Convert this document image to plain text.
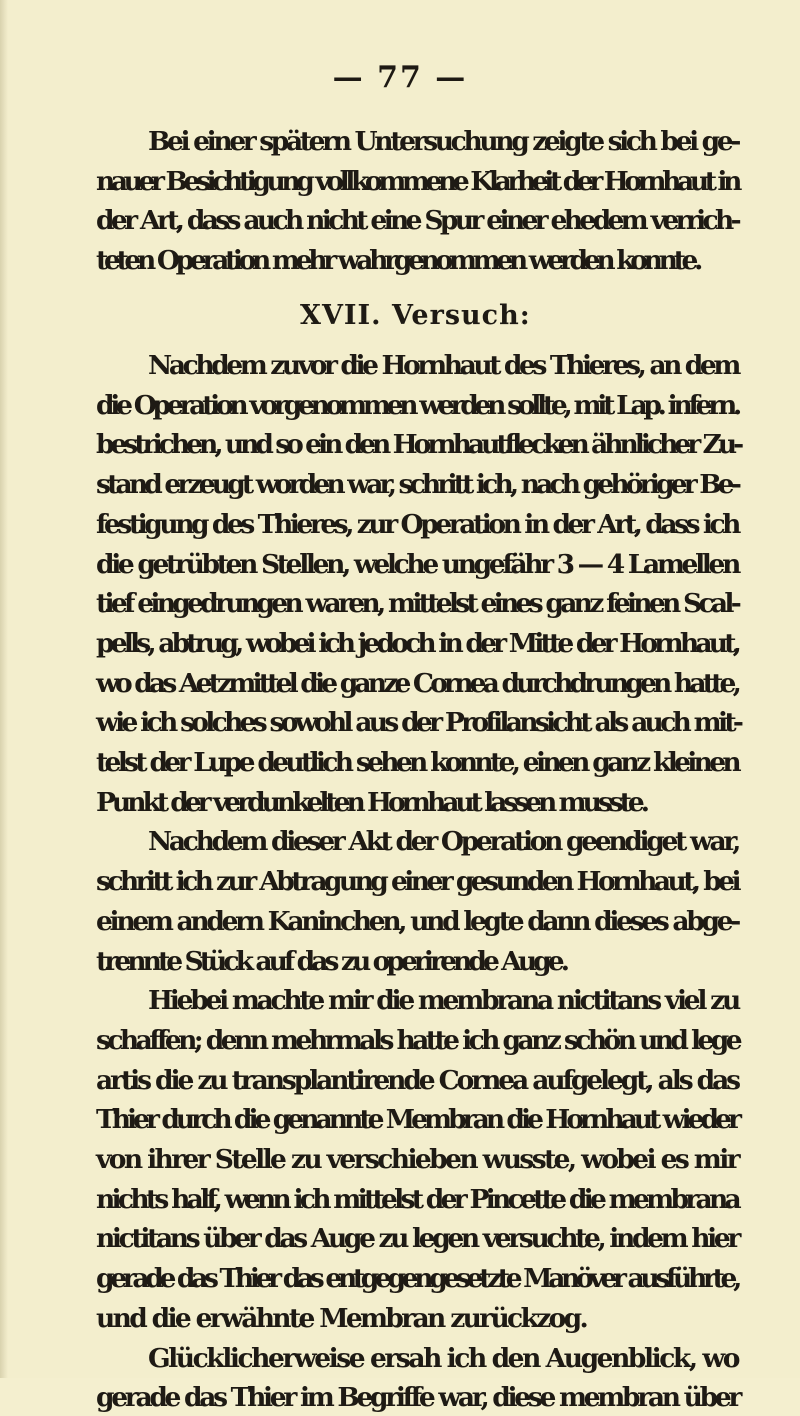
— 77 —
XVII. Versuch:
Bei einer spätern Untersuchung zeigte sich bei ge-
nauer Besichtigung vollkommene Klarheit der Hornhaut in
der Art, dass auch nicht eine Spur einer ehedem verrich-
teten Operation mehr wahrgenommen werden konnte.
Nachdem zuvor die Hornhaut des Thieres, an dem
die Operation vorgenommen werden sollte, mit Lap. infern.
bestrichen, und so ein den Hornhautflecken ähnlicher Zu-
stand erzeugt worden war, schritt ich, nach gehöriger Be-
festigung des Thieres, zur Operation in der Art, dass ich
die getrübten Stellen, welche ungefähr 3 — 4 Lamellen
tief eingedrungen waren, mittelst eines ganz feinen Scal-
pells, abtrug, wobei ich jedoch in der Mitte der Hornhaut,
wo das Aetzmittel die ganze Cornea durchdrungen hatte,
wie ich solches sowohl aus der Profilansicht als auch mit-
telst der Lupe deutlich sehen konnte, einen ganz kleinen
Punkt der verdunkelten Hornhaut lassen musste.
Nachdem dieser Akt der Operation geendiget war,
schritt ich zur Abtragung einer gesunden Hornhaut, bei
einem andern Kaninchen, und legte dann dieses abge-
trennte Stück auf das zu operirende Auge.
Hiebei machte mir die membrana nictitans viel zu
schaffen; denn mehrmals hatte ich ganz schön und lege
artis die zu transplantirende Cornea aufgelegt, als das
Thier durch die genannte Membran die Hornhaut wieder
von ihrer Stelle zu verschieben wusste, wobei es mir
nichts half, wenn ich mittelst der Pincette die membrana
nictitans über das Auge zu legen versuchte, indem hier
gerade das Thier das entgegengesetzte Manöver ausführte,
und die erwähnte Membran zurückzog.
Glücklicherweise ersah ich den Augenblick, wo
gerade das Thier im Begriffe war, diese membran über
